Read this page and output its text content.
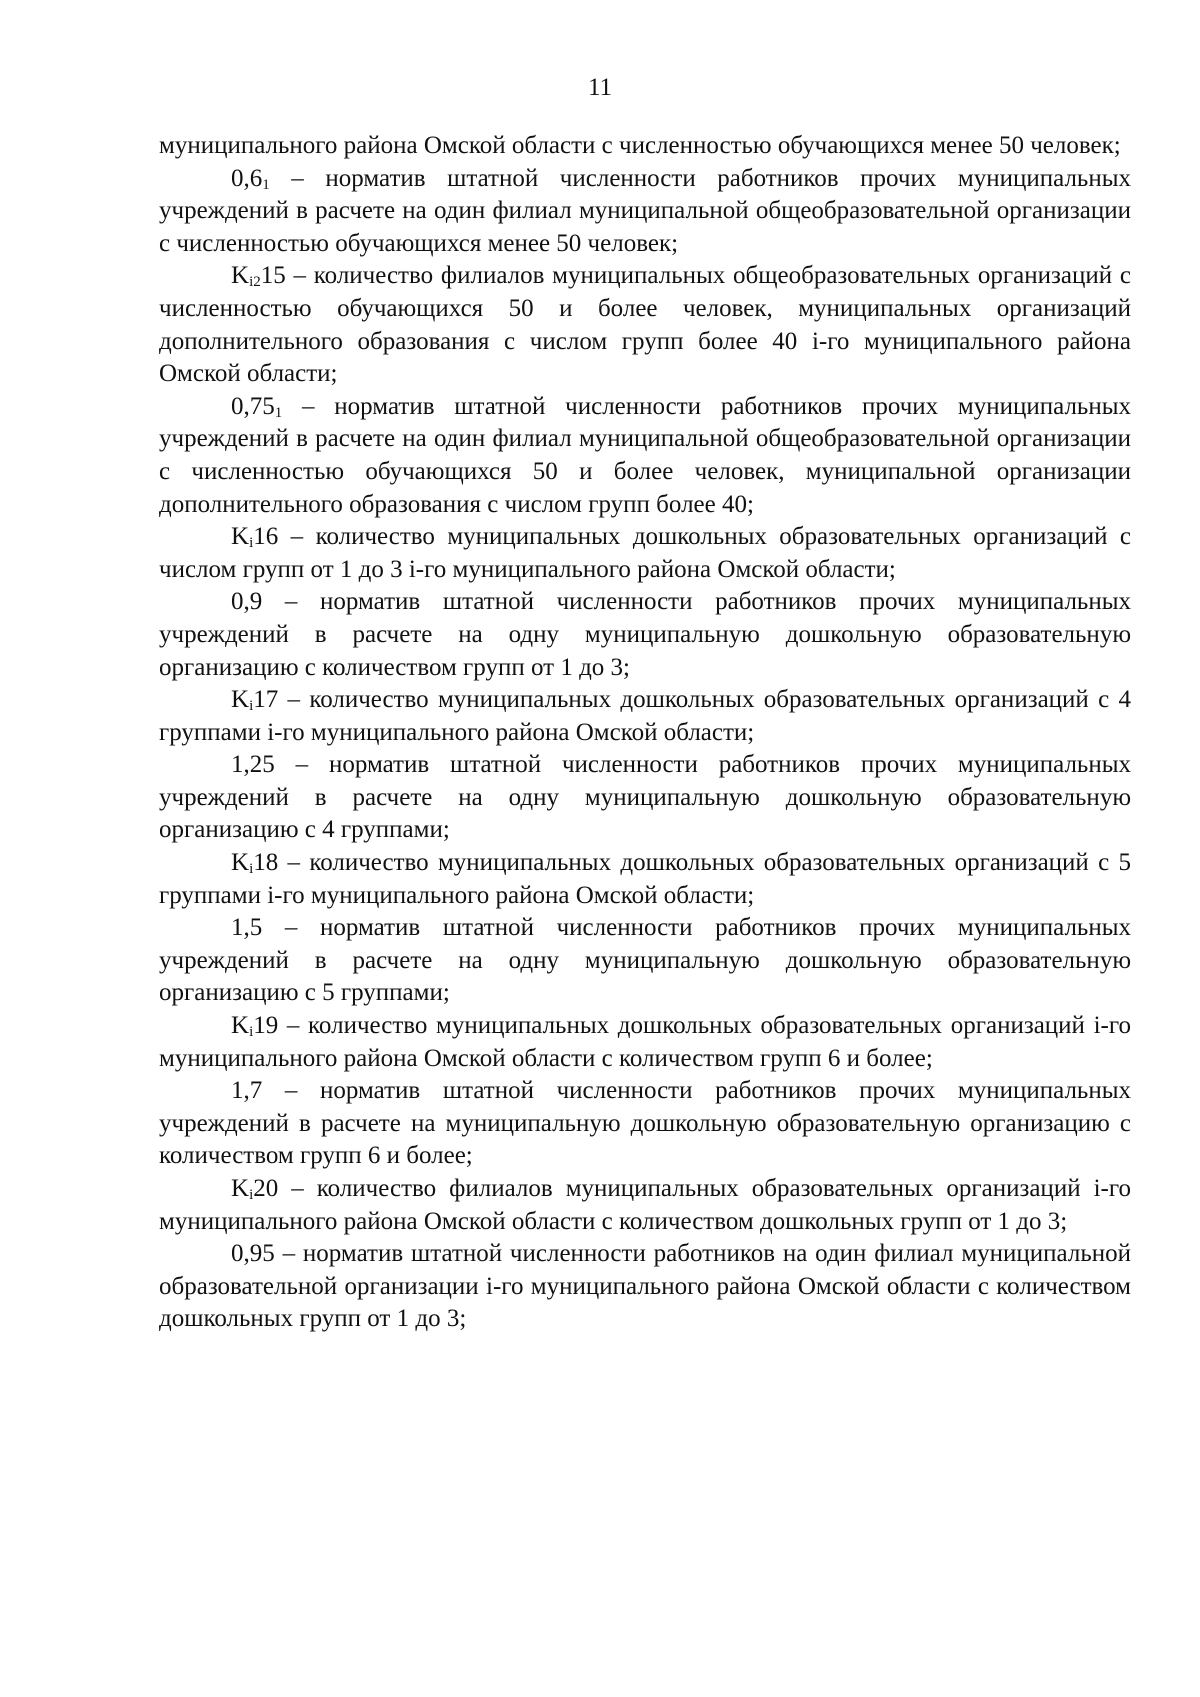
11

муниципального района Омской области с численностью обучающихся менее 50 человек;

$0,6_1$ – норматив штатной численности работников прочих муниципальных учреждений в расчете на один филиал муниципальной общеобразовательной организации с численностью обучающихся менее 50 человек;

$K_{i2}15$ – количество филиалов муниципальных общеобразовательных организаций с численностью обучающихся 50 и более человек, муниципальных организаций дополнительного образования с числом групп более 40 i-го муниципального района Омской области;

$0,75_1$ – норматив штатной численности работников прочих муниципальных учреждений в расчете на один филиал муниципальной общеобразовательной организации с численностью обучающихся 50 и более человек, муниципальной организации дополнительного образования с числом групп более 40;

$K_i16$ – количество муниципальных дошкольных образовательных организаций с числом групп от 1 до 3 i-го муниципального района Омской области;

0,9 – норматив штатной численности работников прочих муниципальных учреждений в расчете на одну муниципальную дошкольную образовательную организацию с количеством групп от 1 до 3;

$K_i17$ – количество муниципальных дошкольных образовательных организаций с 4 группами i-го муниципального района Омской области;

1,25 – норматив штатной численности работников прочих муниципальных учреждений в расчете на одну муниципальную дошкольную образовательную организацию с 4 группами;

$K_i18$ – количество муниципальных дошкольных образовательных организаций с 5 группами i-го муниципального района Омской области;

1,5 – норматив штатной численности работников прочих муниципальных учреждений в расчете на одну муниципальную дошкольную образовательную организацию с 5 группами;

$K_i19$ – количество муниципальных дошкольных образовательных организаций i-го муниципального района Омской области с количеством групп 6 и более;

1,7 – норматив штатной численности работников прочих муниципальных учреждений в расчете на муниципальную дошкольную образовательную организацию с количеством групп 6 и более;

$K_i20$ – количество филиалов муниципальных образовательных организаций i-го муниципального района Омской области с количеством дошкольных групп от 1 до 3;

0,95 – норматив штатной численности работников на один филиал муниципальной образовательной организации i-го муниципального района Омской области с количеством дошкольных групп от 1 до 3;
